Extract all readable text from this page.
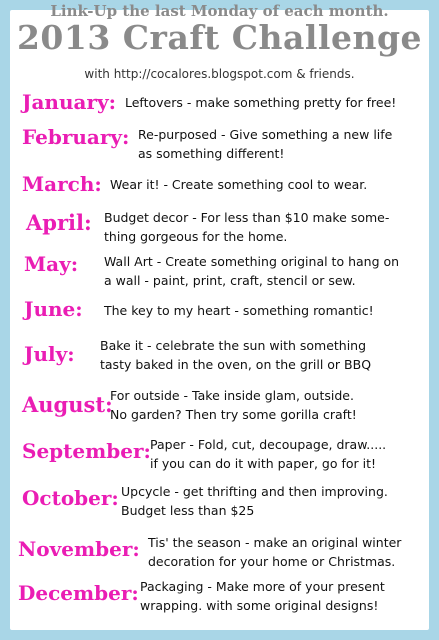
Link-Up the last Monday of each month.
2013 Craft Challenge
with http://cocalores.blogspot.com & friends.
January: Leftovers - make something pretty for free!
February: Re-purposed - Give something a new life
as something different!
March: Wear it! - Create something cool to wear.
April: Budget decor - For less than $10 make some-
thing gorgeous for the home.
May: Wall Art - Create something original to hang on
a wall - paint, print, craft, stencil or sew.
June: The key to my heart - something romantic!
July: Bake it - celebrate the sun with something
tasty baked in the oven, on the grill or BBQ
August:
For outside - Take inside glam, outside.
No garden? Then try some gorilla craft!
September: Paper - Fold, cut, decoupage, draw.....
if you can do it with paper, go for it!
October: Upcycle - get thrifting and then improving.
Budget less than $25
November: Tis' the season - make an original winter
decoration for your home or Christmas.
December: Packaging - Make more of your present
wrapping. with some original designs!
